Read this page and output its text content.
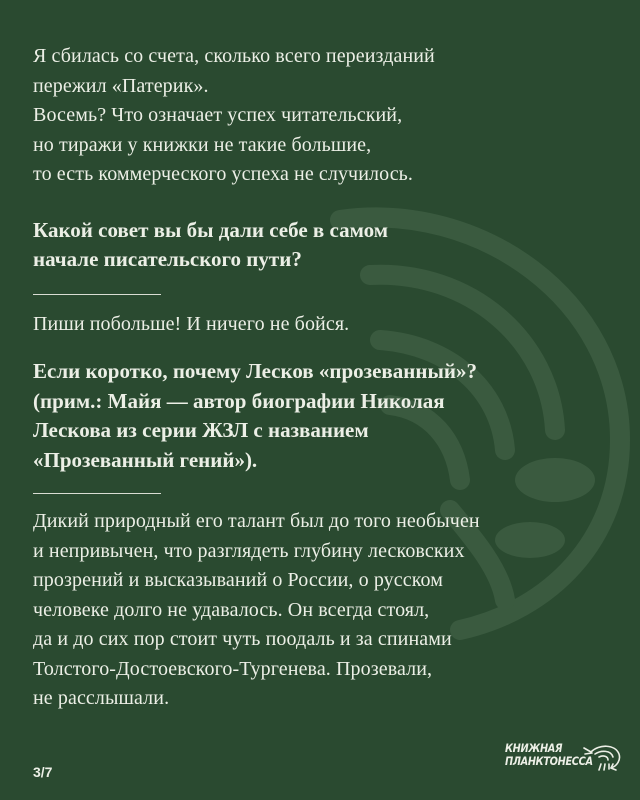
Я сбилась со счета, сколько всего переизданий
пережил «Патерик».
Восемь? Что означает успех читательский,
но тиражи у книжки не такие большие,
то есть коммерческого успеха не случилось.

Какой совет вы бы дали себе в самом
начале писательского пути?

Пиши побольше! И ничего не бойся.

Если коротко, почему Лесков «прозеванный»?
(прим.: Майя — автор биографии Николая
Лескова из серии ЖЗЛ с названием
«Прозеванный гений»).

Дикий природный его талант был до того необычен
и непривычен, что разглядеть глубину лесковских
прозрений и высказываний о России, о русском
человеке долго не удавалось. Он всегда стоял,
да и до сих пор стоит чуть поодаль и за спинами
Толстого-Достоевского-Тургенева. Прозевали,
не расслышали.

3/7
КНИЖНАЯ
ПЛАНКТОНЕССА
